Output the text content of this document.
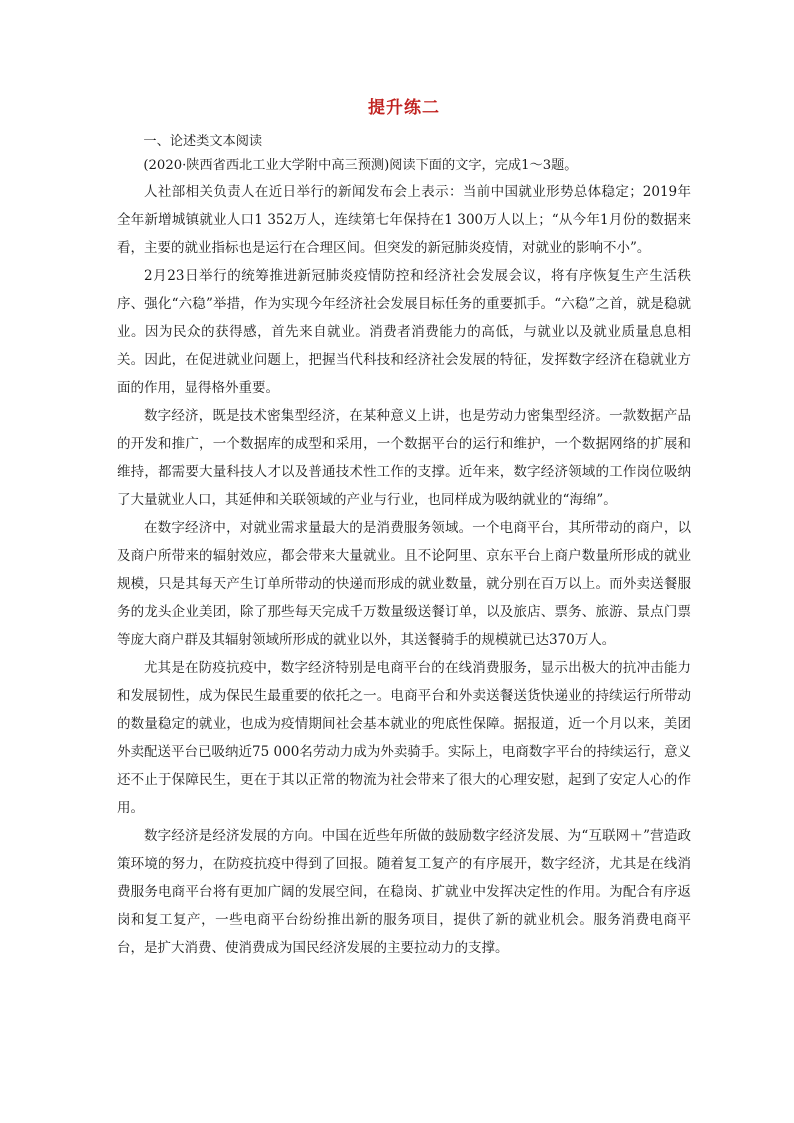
提升练二

一、论述类文本阅读

(2020·陕西省西北工业大学附中高三预测)阅读下面的文字，完成1～3题。

人社部相关负责人在近日举行的新闻发布会上表示：当前中国就业形势总体稳定；2019年全年新增城镇就业人口1 352万人，连续第七年保持在1 300万人以上；“从今年1月份的数据来看，主要的就业指标也是运行在合理区间。但突发的新冠肺炎疫情，对就业的影响不小”。

2月23日举行的统筹推进新冠肺炎疫情防控和经济社会发展会议，将有序恢复生产生活秩序、强化“六稳”举措，作为实现今年经济社会发展目标任务的重要抓手。“六稳”之首，就是稳就业。因为民众的获得感，首先来自就业。消费者消费能力的高低，与就业以及就业质量息息相关。因此，在促进就业问题上，把握当代科技和经济社会发展的特征，发挥数字经济在稳就业方面的作用，显得格外重要。

数字经济，既是技术密集型经济，在某种意义上讲，也是劳动力密集型经济。一款数据产品的开发和推广，一个数据库的成型和采用，一个数据平台的运行和维护，一个数据网络的扩展和维持，都需要大量科技人才以及普通技术性工作的支撑。近年来，数字经济领域的工作岗位吸纳了大量就业人口，其延伸和关联领域的产业与行业，也同样成为吸纳就业的“海绵”。

在数字经济中，对就业需求量最大的是消费服务领域。一个电商平台，其所带动的商户，以及商户所带来的辐射效应，都会带来大量就业。且不论阿里、京东平台上商户数量所形成的就业规模，只是其每天产生订单所带动的快递而形成的就业数量，就分别在百万以上。而外卖送餐服务的龙头企业美团，除了那些每天完成千万数量级送餐订单，以及旅店、票务、旅游、景点门票等庞大商户群及其辐射领域所形成的就业以外，其送餐骑手的规模就已达370万人。

尤其是在防疫抗疫中，数字经济特别是电商平台的在线消费服务，显示出极大的抗冲击能力和发展韧性，成为保民生最重要的依托之一。电商平台和外卖送餐送货快递业的持续运行所带动的数量稳定的就业，也成为疫情期间社会基本就业的兜底性保障。据报道，近一个月以来，美团外卖配送平台已吸纳近75 000名劳动力成为外卖骑手。实际上，电商数字平台的持续运行，意义还不止于保障民生，更在于其以正常的物流为社会带来了很大的心理安慰，起到了安定人心的作用。

数字经济是经济发展的方向。中国在近些年所做的鼓励数字经济发展、为“互联网＋”营造政策环境的努力，在防疫抗疫中得到了回报。随着复工复产的有序展开，数字经济，尤其是在线消费服务电商平台将有更加广阔的发展空间，在稳岗、扩就业中发挥决定性的作用。为配合有序返岗和复工复产，一些电商平台纷纷推出新的服务项目，提供了新的就业机会。服务消费电商平台，是扩大消费、使消费成为国民经济发展的主要拉动力的支撑。
